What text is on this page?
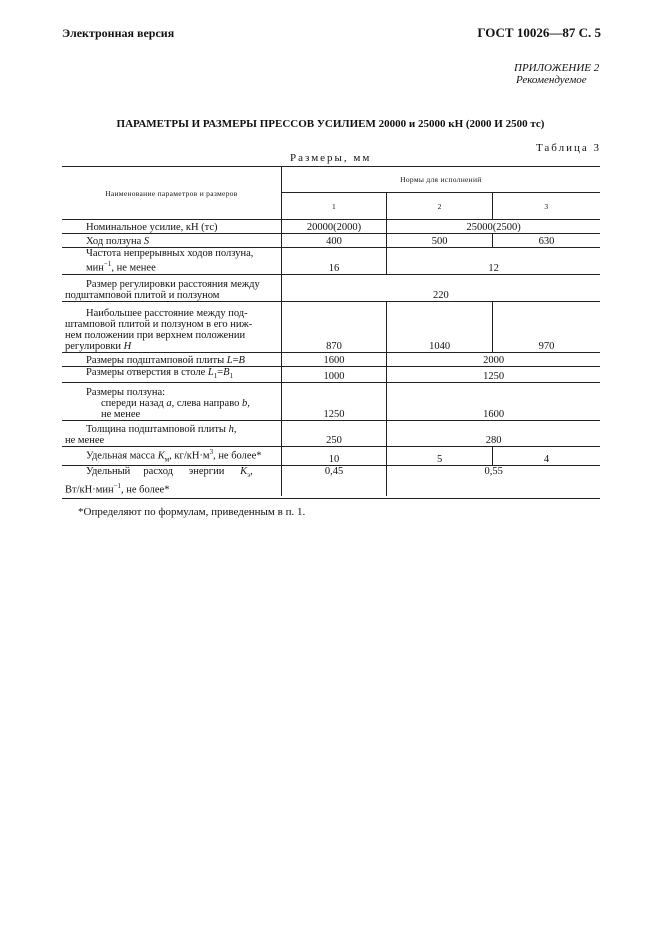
Электронная версия	ГОСТ 10026—87 С. 5
ПРИЛОЖЕНИЕ 2
Рекомендуемое
ПАРАМЕТРЫ И РАЗМЕРЫ ПРЕССОВ УСИЛИЕМ 20000 и 25000 кН (2000 И 2500 тс)
Таблица 3
Размеры, мм
Наименование параметров и размеров	Нормы для исполнений		
	1	2	3
Номинальное усилие, кН (тс)	20000(2000)	25000(2500)	
Ход ползуна S	400	500	630
Частота непрерывных ходов ползуна,
мин$^{-1}$, не менее	16	12	
Размер регулировки расстояния между
подштамповой плитой и ползуном	220		
Наибольшее расстояние между под-
штамповой плитой и ползуном в его ниж-
нем положении при верхнем положении
регулировки H	870	1040	970
Размеры подштамповой плиты L=B	1600	2000	
Размеры отверстия в столе $L_1=B_1$	1000	1250	

Размеры ползуна:
спереди назад a, слева направо b,
не менее	1250	1600	

Толщина подштамповой плиты h,
не менее	250	280	
Удельная масса $K_м$, $кг/кН\cdot м^3$, не более*	10	5	4
Удельный     расход      энергии      $K_э$,
Вт/кН·мин$^{-1}$, не более*	0,45	0,55	
*Определяют по формулам, приведенным в п. 1.
